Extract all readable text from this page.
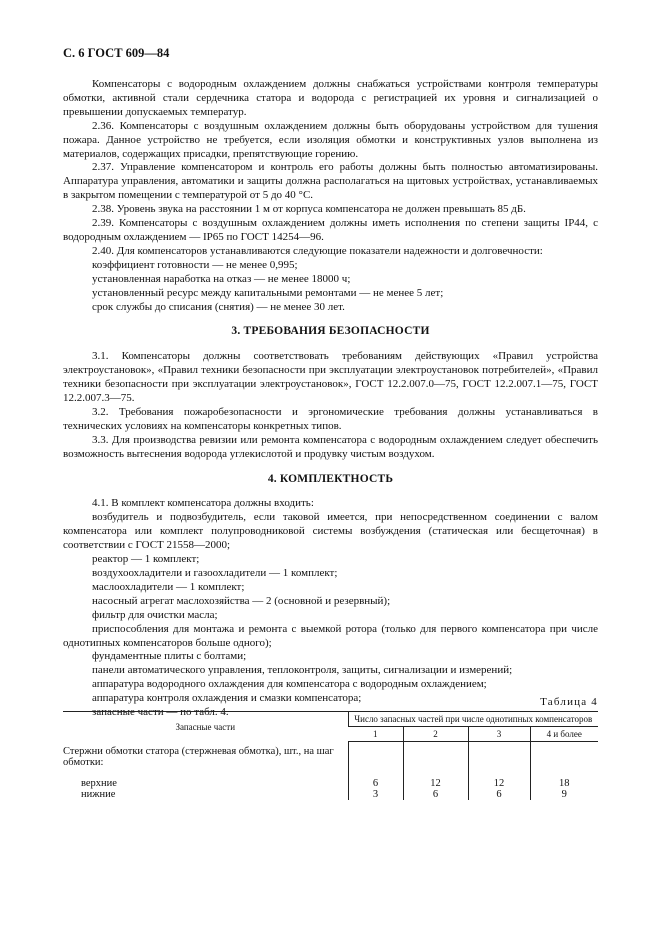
С. 6 ГОСТ 609—84

Компенсаторы с водородным охлаждением должны снабжаться устройствами контроля температуры обмотки, активной стали сердечника статора и водорода с регистрацией их уровня и сигнализацией о превышении допускаемых температур.

2.36. Компенсаторы с воздушным охлаждением должны быть оборудованы устройством для тушения пожара. Данное устройство не требуется, если изоляция обмотки и конструктивных узлов выполнена из материалов, содержащих присадки, препятствующие горению.

2.37. Управление компенсатором и контроль его работы должны быть полностью автоматизированы. Аппаратура управления, автоматики и защиты должна располагаться на щитовых устройствах, устанавливаемых в закрытом помещении с температурой от 5 до 40 °С.

2.38. Уровень звука на расстоянии 1 м от корпуса компенсатора не должен превышать 85 дБ.

2.39. Компенсаторы с воздушным охлаждением должны иметь исполнения по степени защиты IP44, с водородным охлаждением — IP65 по ГОСТ 14254—96.

2.40. Для компенсаторов устанавливаются следующие показатели надежности и долговечности:

коэффициент готовности — не менее 0,995;

установленная наработка на отказ — не менее 18000 ч;

установленный ресурс между капитальными ремонтами — не менее 5 лет;

срок службы до списания (снятия) — не менее 30 лет.

3. ТРЕБОВАНИЯ БЕЗОПАСНОСТИ

3.1. Компенсаторы должны соответствовать требованиям действующих «Правил устройства электроустановок», «Правил техники безопасности при эксплуатации электроустановок потребителей», «Правил техники безопасности при эксплуатации электроустановок», ГОСТ 12.2.007.0—75, ГОСТ 12.2.007.1—75, ГОСТ 12.2.007.3—75.

3.2. Требования пожаробезопасности и эргономические требования должны устанавливаться в технических условиях на компенсаторы конкретных типов.

3.3. Для производства ревизии или ремонта компенсатора с водородным охлаждением следует обеспечить возможность вытеснения водорода углекислотой и продувку чистым воздухом.

4. КОМПЛЕКТНОСТЬ

4.1. В комплект компенсатора должны входить:

возбудитель и подвозбудитель, если таковой имеется, при непосредственном соединении с валом компенсатора или комплект полупроводниковой системы возбуждения (статическая или бесщеточная) в соответствии с ГОСТ 21558—2000;

реактор — 1 комплект;

воздухоохладители и газоохладители — 1 комплект;

маслоохладители — 1 комплект;

насосный агрегат маслохозяйства — 2 (основной и резервный);

фильтр для очистки масла;

приспособления для монтажа и ремонта с выемкой ротора (только для первого компенсатора при числе однотипных компенсаторов больше одного);

фундаментные плиты с болтами;

панели автоматического управления, теплоконтроля, защиты, сигнализации и измерений;

аппаратура водородного охлаждения для компенсатора с водородным охлаждением;

аппаратура контроля охлаждения и смазки компенсатора;

запасные части — по табл. 4.

Таблица 4
Запасные части	Число запасных частей при числе однотипных компенсаторов			
	1	2	3	4 и более
Стержни обмотки статора (стержневая обмотка), шт., на шаг обмотки:				
верхние	6	12	12	18
нижние	3	6	6	9
